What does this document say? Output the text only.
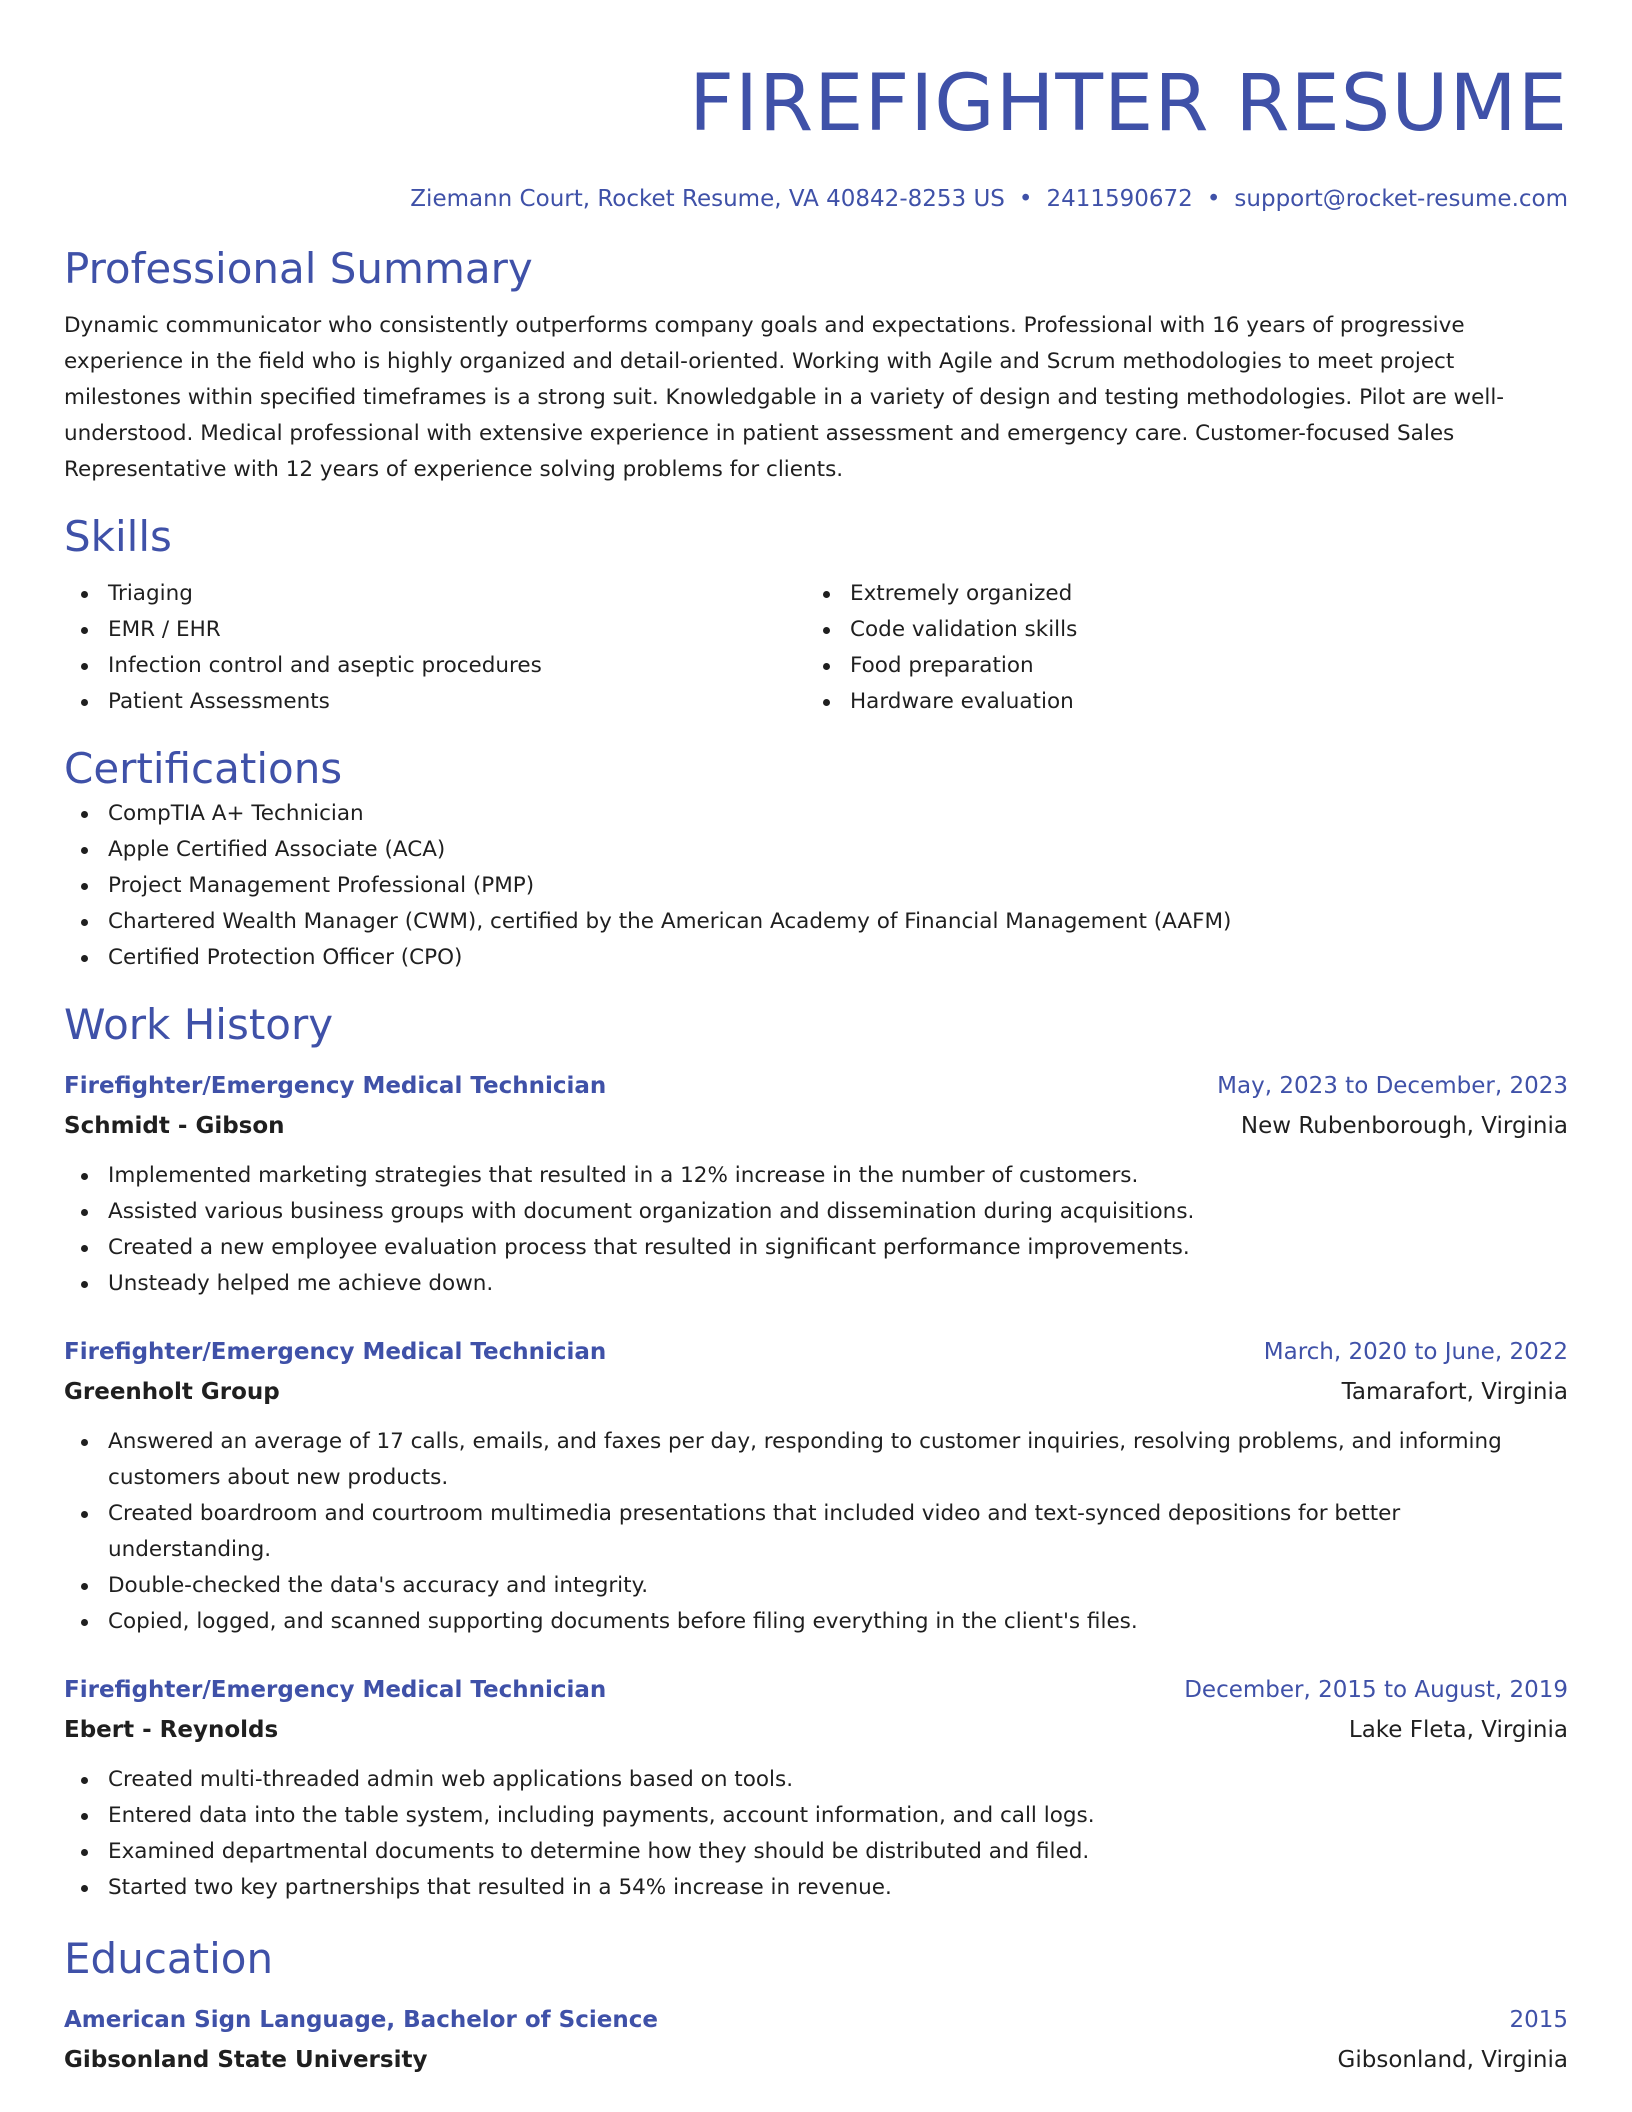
FIREFIGHTER RESUME
Ziemann Court, Rocket Resume, VA 40842-8253 US • 2411590672 • support@rocket-resume.com
Professional Summary

Dynamic communicator who consistently outperforms company goals and expectations. Professional with 16 years of progressive experience in the field who is highly organized and detail-oriented. Working with Agile and Scrum methodologies to meet project milestones within specified timeframes is a strong suit. Knowledgable in a variety of design and testing methodologies. Pilot are well-understood. Medical professional with extensive experience in patient assessment and emergency care. Customer-focused Sales Representative with 12 years of experience solving problems for clients.

Skills
Triaging
EMR / EHR
Infection control and aseptic procedures
Patient Assessments
Extremely organized
Code validation skills
Food preparation
Hardware evaluation
Certifications
CompTIA A+ Technician
Apple Certified Associate (ACA)
Project Management Professional (PMP)
Chartered Wealth Manager (CWM), certified by the American Academy of Financial Management (AAFM)
Certified Protection Officer (CPO)
Work History
Firefighter/Emergency Medical Technician	May, 2023 to December, 2023
Schmidt - Gibson	New Rubenborough, Virginia
Implemented marketing strategies that resulted in a 12% increase in the number of customers.
Assisted various business groups with document organization and dissemination during acquisitions.
Created a new employee evaluation process that resulted in significant performance improvements.
Unsteady helped me achieve down.
Firefighter/Emergency Medical Technician	March, 2020 to June, 2022
Greenholt Group	Tamarafort, Virginia
Answered an average of 17 calls, emails, and faxes per day, responding to customer inquiries, resolving problems, and informing customers about new products.
Created boardroom and courtroom multimedia presentations that included video and text-synced depositions for better understanding.
Double-checked the data's accuracy and integrity.
Copied, logged, and scanned supporting documents before filing everything in the client's files.
Firefighter/Emergency Medical Technician	December, 2015 to August, 2019
Ebert - Reynolds	Lake Fleta, Virginia
Created multi-threaded admin web applications based on tools.
Entered data into the table system, including payments, account information, and call logs.
Examined departmental documents to determine how they should be distributed and filed.
Started two key partnerships that resulted in a 54% increase in revenue.
Education
American Sign Language, Bachelor of Science	2015
Gibsonland State University	Gibsonland, Virginia
